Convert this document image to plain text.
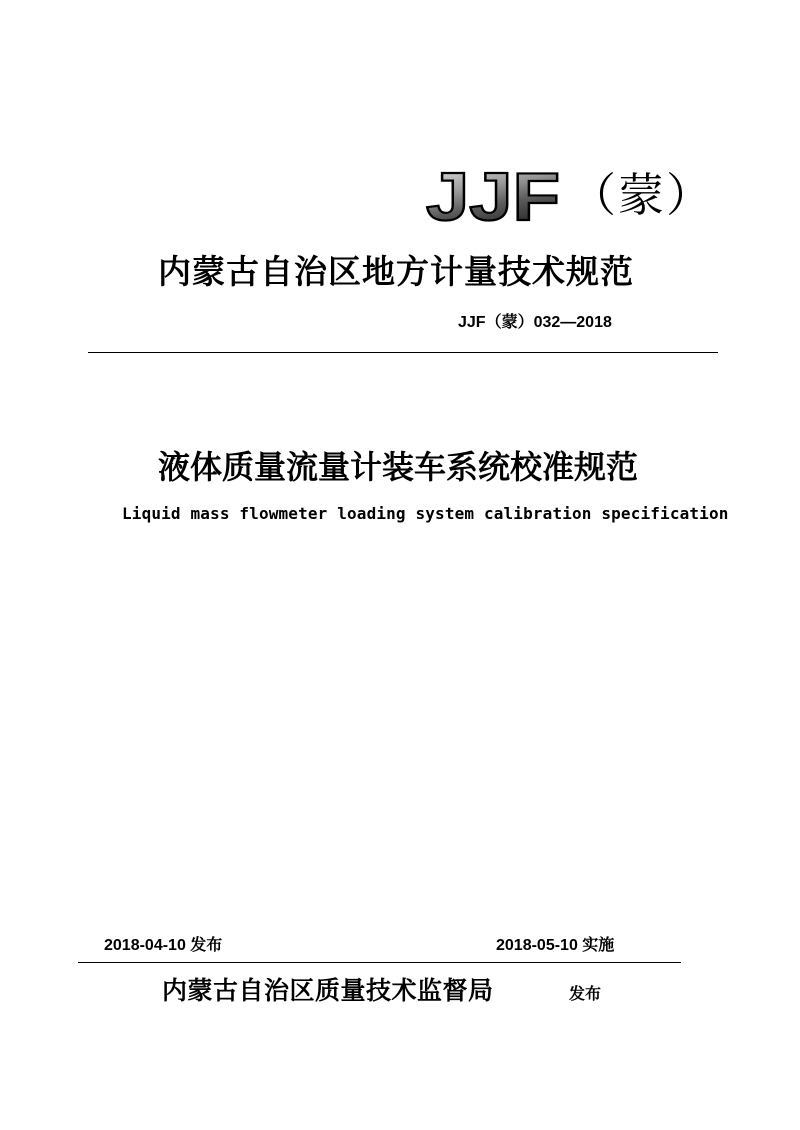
JJF （蒙）
内蒙古自治区地方计量技术规范
JJF（蒙）032—2018
液体质量流量计装车系统校准规范
Liquid mass flowmeter loading system calibration specification
2018-04-10 发布	2018-05-10 实施
内蒙古自治区质量技术监督局	发布
